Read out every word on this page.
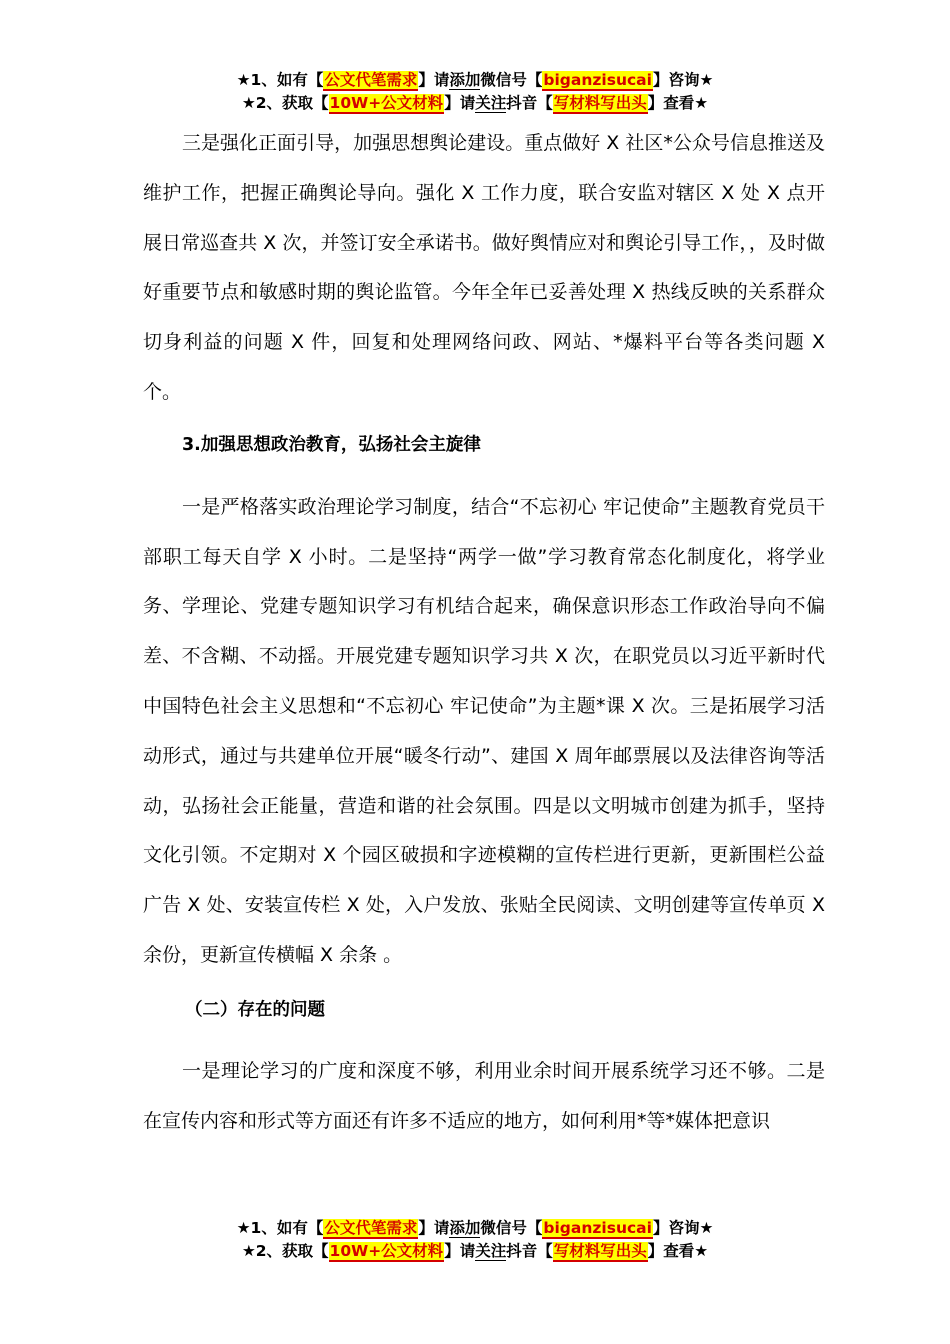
★1、如有【公文代笔需求】请添加微信号【biganzisucai】咨询★
★2、获取【10W+公文材料】请关注抖音【写材料写出头】查看★

三是强化正面引导，加强思想舆论建设。重点做好 X 社区*公众号信息推送及维护工作，把握正确舆论导向。强化 X 工作力度，联合安监对辖区 X 处 X 点开展日常巡查共 X 次，并签订安全承诺书。做好舆情应对和舆论引导工作，，及时做好重要节点和敏感时期的舆论监管。今年全年已妥善处理 X 热线反映的关系群众切身利益的问题 X 件，回复和处理网络问政、网站、*爆料平台等各类问题 X 个。

3.加强思想政治教育，弘扬社会主旋律

一是严格落实政治理论学习制度，结合“不忘初心 牢记使命”主题教育党员干部职工每天自学 X 小时。二是坚持“两学一做”学习教育常态化制度化，将学业务、学理论、党建专题知识学习有机结合起来，确保意识形态工作政治导向不偏差、不含糊、不动摇。开展党建专题知识学习共 X 次，在职党员以习近平新时代中国特色社会主义思想和“不忘初心 牢记使命”为主题*课 X 次。三是拓展学习活动形式，通过与共建单位开展“暖冬行动”、建国 X 周年邮票展以及法律咨询等活动，弘扬社会正能量，营造和谐的社会氛围。四是以文明城市创建为抓手，坚持文化引领。不定期对 X 个园区破损和字迹模糊的宣传栏进行更新，更新围栏公益广告 X 处、安装宣传栏 X 处，入户发放、张贴全民阅读、文明创建等宣传单页 X 余份，更新宣传横幅 X 余条 。

（二）存在的问题

一是理论学习的广度和深度不够，利用业余时间开展系统学习还不够。二是在宣传内容和形式等方面还有许多不适应的地方，如何利用*等*媒体把意识

★1、如有【公文代笔需求】请添加微信号【biganzisucai】咨询★
★2、获取【10W+公文材料】请关注抖音【写材料写出头】查看★
